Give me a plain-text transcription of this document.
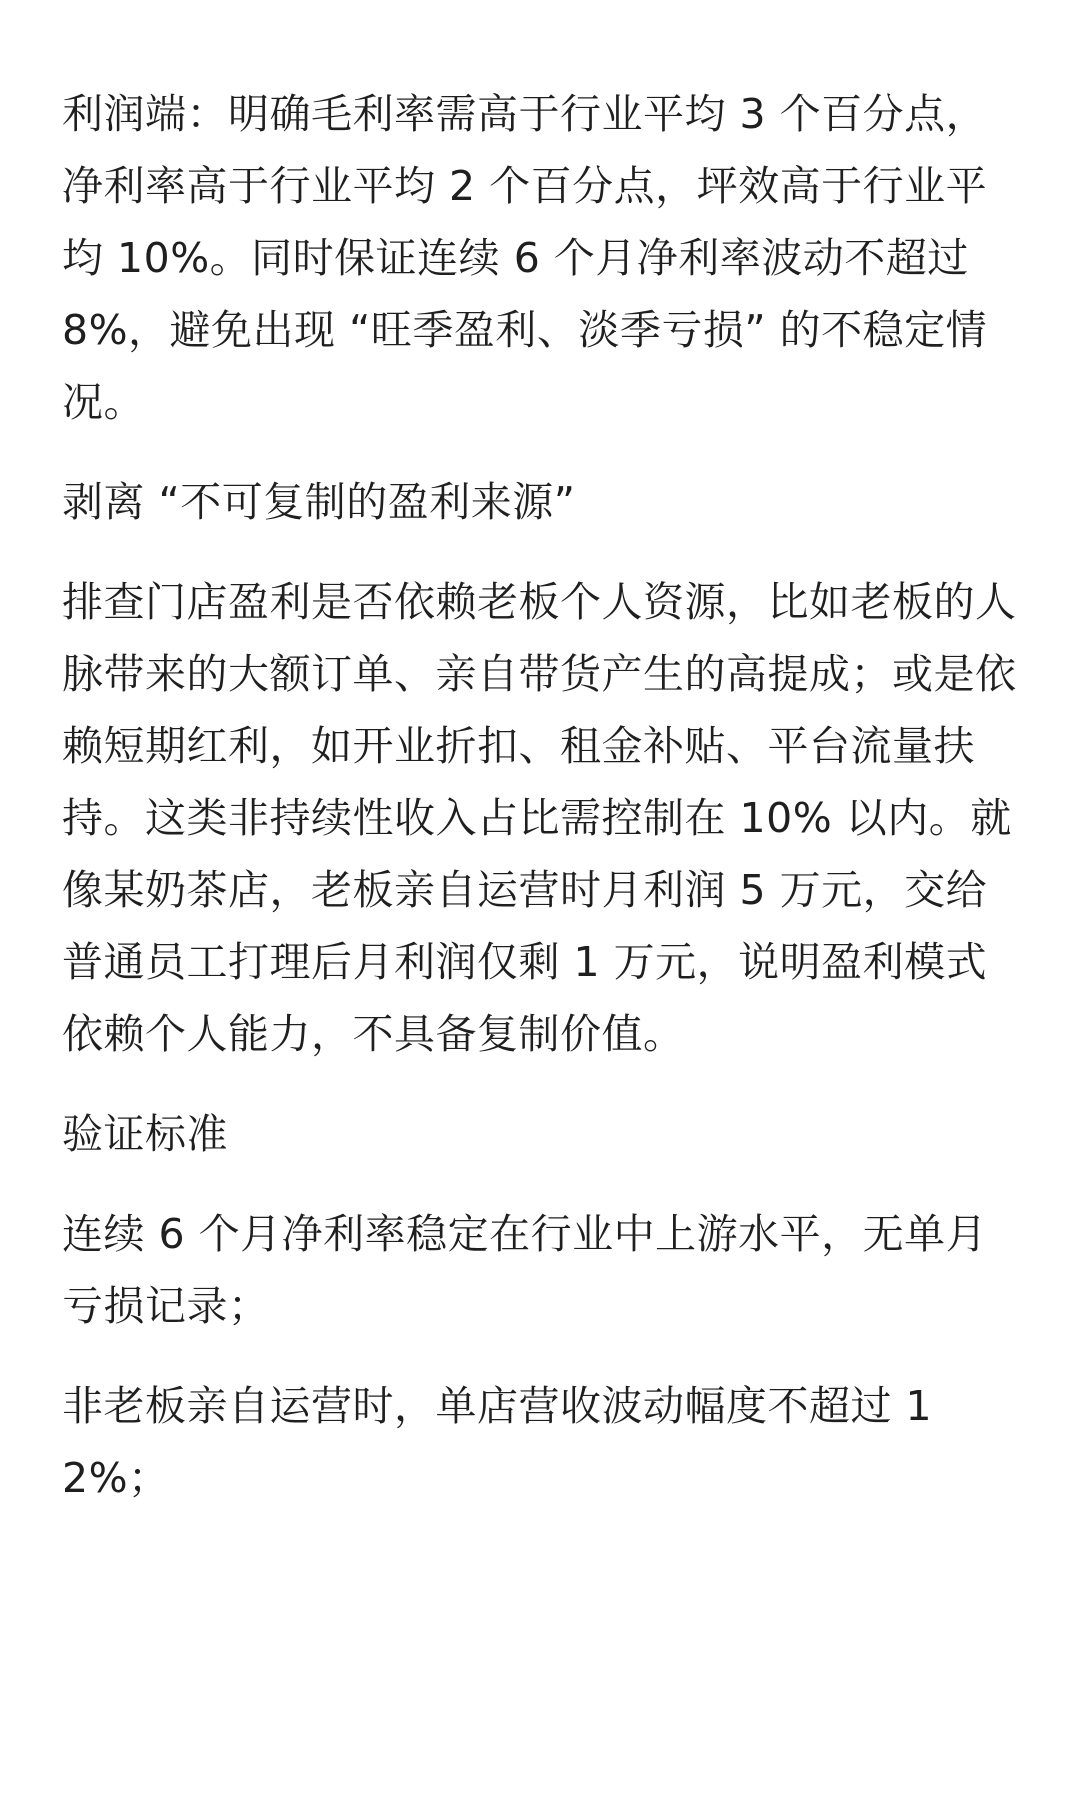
利润端：明确毛利率需高于行业平均 3 个百分点，净利率高于行业平均 2 个百分点，坪效高于行业平均 10%。同时保证连续 6 个月净利率波动不超过 8%，避免出现 “旺季盈利、淡季亏损” 的不稳定情况。

剥离 “不可复制的盈利来源”

排查门店盈利是否依赖老板个人资源，比如老板的人脉带来的大额订单、亲自带货产生的高提成；或是依赖短期红利，如开业折扣、租金补贴、平台流量扶持。这类非持续性收入占比需控制在 10% 以内。就像某奶茶店，老板亲自运营时月利润 5 万元，交给普通员工打理后月利润仅剩 1 万元，说明盈利模式依赖个人能力，不具备复制价值。

验证标准

连续 6 个月净利率稳定在行业中上游水平，无单月亏损记录；

非老板亲自运营时，单店营收波动幅度不超过 12%；
